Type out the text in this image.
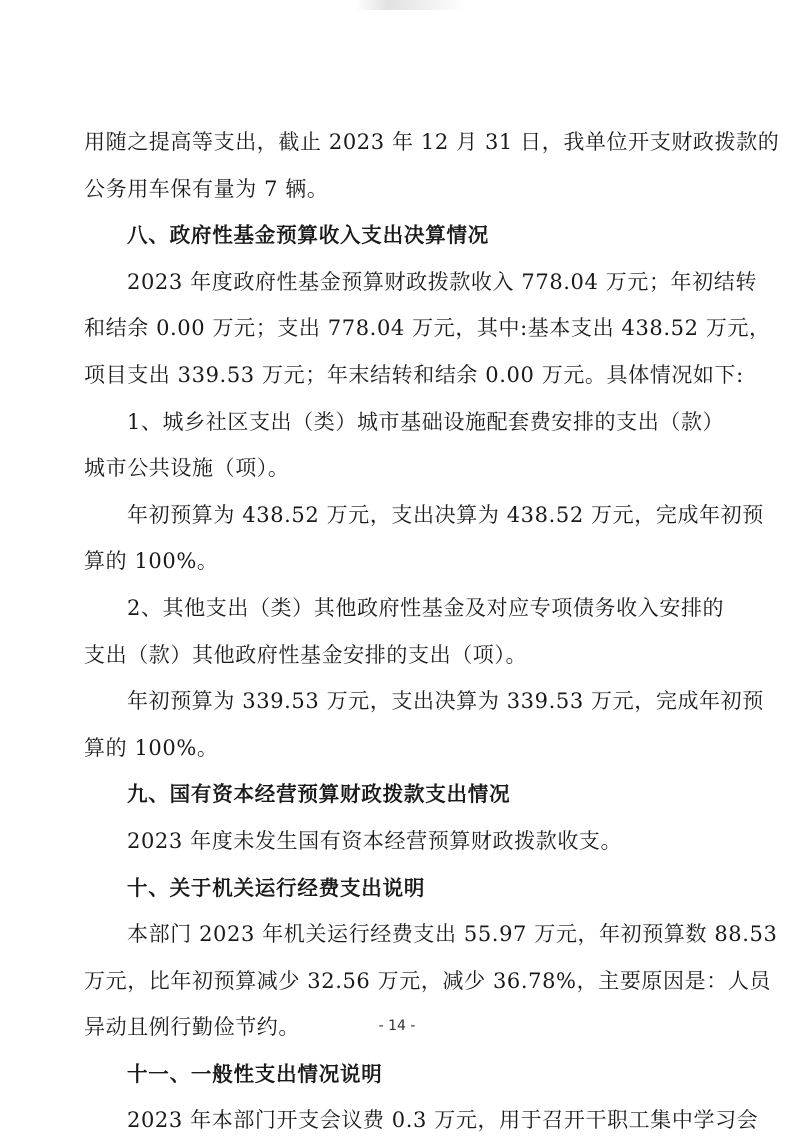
用随之提高等支出，截止 2023 年 12 月 31 日，我单位开支财政拨款的
公务用车保有量为 7 辆。
八、政府性基金预算收入支出决算情况
2023 年度政府性基金预算财政拨款收入 778.04 万元；年初结转
和结余 0.00 万元；支出 778.04 万元，其中:基本支出 438.52 万元，
项目支出 339.53 万元；年末结转和结余 0.00 万元。具体情况如下:
1、城乡社区支出（类）城市基础设施配套费安排的支出（款）
城市公共设施（项）。
年初预算为 438.52 万元，支出决算为 438.52 万元，完成年初预
算的 100%。
2、其他支出（类）其他政府性基金及对应专项债务收入安排的
支出（款）其他政府性基金安排的支出（项）。
年初预算为 339.53 万元，支出决算为 339.53 万元，完成年初预
算的 100%。
九、国有资本经营预算财政拨款支出情况
2023 年度未发生国有资本经营预算财政拨款收支。
十、关于机关运行经费支出说明
本部门 2023 年机关运行经费支出 55.97 万元，年初预算数 88.53
万元，比年初预算减少 32.56 万元，减少 36.78%，主要原因是：人员
异动且例行勤俭节约。
十一、一般性支出情况说明
2023 年本部门开支会议费 0.3 万元，用于召开干职工集中学习会
- 14 -
